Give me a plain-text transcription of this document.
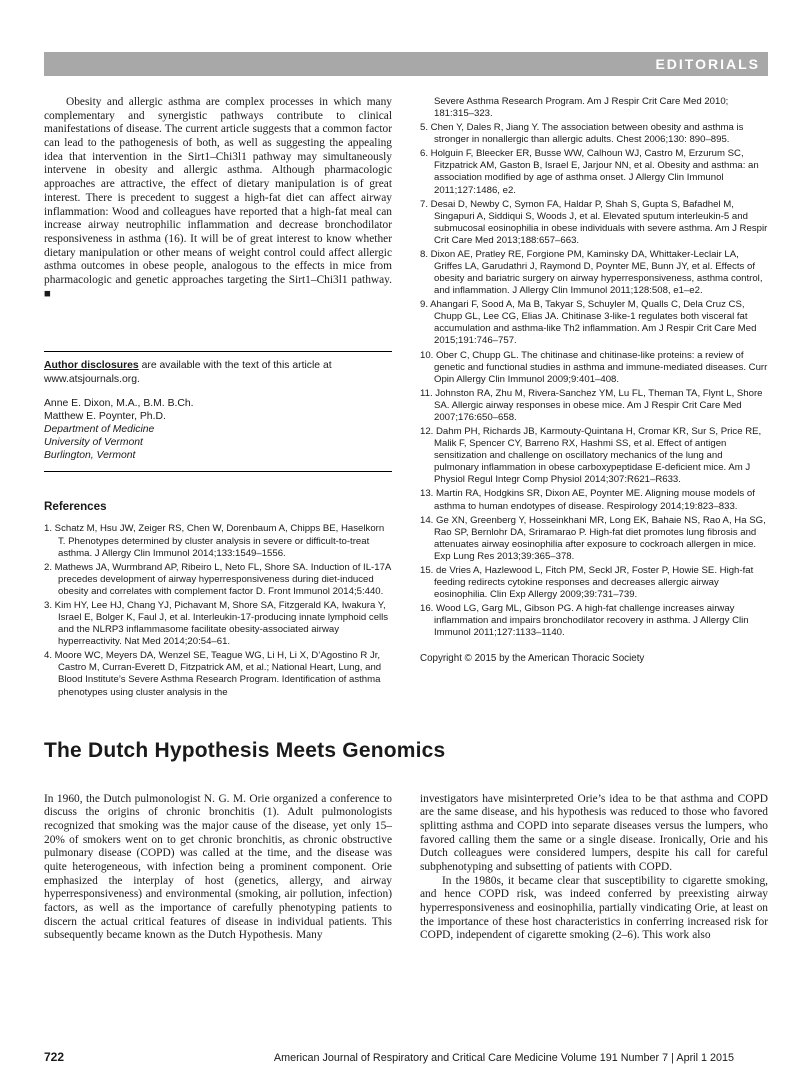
EDITORIALS

Obesity and allergic asthma are complex processes in which many complementary and synergistic pathways contribute to clinical manifestations of disease. The current article suggests that a common factor can lead to the pathogenesis of both, as well as suggesting the appealing idea that intervention in the Sirt1–Chi3l1 pathway may simultaneously intervene in obesity and allergic asthma. Although pharmacologic approaches are attractive, the effect of dietary manipulation is of great interest. There is precedent to suggest a high-fat diet can affect airway inflammation: Wood and colleagues have reported that a high-fat meal can increase airway neutrophilic inflammation and decrease bronchodilator responsiveness in asthma (16). It will be of great interest to know whether dietary manipulation or other means of weight control could affect allergic asthma outcomes in obese people, analogous to the effects in mice from pharmacologic and genetic approaches targeting the Sirt1–Chi3l1 pathway. ■

Author disclosures are available with the text of this article at www.atsjournals.org.

Anne E. Dixon, M.A., B.M. B.Ch.
Matthew E. Poynter, Ph.D.
Department of Medicine
University of Vermont
Burlington, Vermont
References
1. Schatz M, Hsu JW, Zeiger RS, Chen W, Dorenbaum A, Chipps BE, Haselkorn T. Phenotypes determined by cluster analysis in severe or difficult-to-treat asthma. J Allergy Clin Immunol 2014;133:1549–1556.
2. Mathews JA, Wurmbrand AP, Ribeiro L, Neto FL, Shore SA. Induction of IL-17A precedes development of airway hyperresponsiveness during diet-induced obesity and correlates with complement factor D. Front Immunol 2014;5:440.
3. Kim HY, Lee HJ, Chang YJ, Pichavant M, Shore SA, Fitzgerald KA, Iwakura Y, Israel E, Bolger K, Faul J, et al. Interleukin-17-producing innate lymphoid cells and the NLRP3 inflammasome facilitate obesity-associated airway hyperreactivity. Nat Med 2014;20:54–61.
4. Moore WC, Meyers DA, Wenzel SE, Teague WG, Li H, Li X, D’Agostino R Jr, Castro M, Curran-Everett D, Fitzpatrick AM, et al.; National Heart, Lung, and Blood Institute’s Severe Asthma Research Program. Identification of asthma phenotypes using cluster analysis in the
Severe Asthma Research Program. Am J Respir Crit Care Med 2010; 181:315–323.
5. Chen Y, Dales R, Jiang Y. The association between obesity and asthma is stronger in nonallergic than allergic adults. Chest 2006;130: 890–895.
6. Holguin F, Bleecker ER, Busse WW, Calhoun WJ, Castro M, Erzurum SC, Fitzpatrick AM, Gaston B, Israel E, Jarjour NN, et al. Obesity and asthma: an association modified by age of asthma onset. J Allergy Clin Immunol 2011;127:1486, e2.
7. Desai D, Newby C, Symon FA, Haldar P, Shah S, Gupta S, Bafadhel M, Singapuri A, Siddiqui S, Woods J, et al. Elevated sputum interleukin-5 and submucosal eosinophilia in obese individuals with severe asthma. Am J Respir Crit Care Med 2013;188:657–663.
8. Dixon AE, Pratley RE, Forgione PM, Kaminsky DA, Whittaker-Leclair LA, Griffes LA, Garudathri J, Raymond D, Poynter ME, Bunn JY, et al. Effects of obesity and bariatric surgery on airway hyperresponsiveness, asthma control, and inflammation. J Allergy Clin Immunol 2011;128:508, e1–e2.
9. Ahangari F, Sood A, Ma B, Takyar S, Schuyler M, Qualls C, Dela Cruz CS, Chupp GL, Lee CG, Elias JA. Chitinase 3-like-1 regulates both visceral fat accumulation and asthma-like Th2 inflammation. Am J Respir Crit Care Med 2015;191:746–757.
10. Ober C, Chupp GL. The chitinase and chitinase-like proteins: a review of genetic and functional studies in asthma and immune-mediated diseases. Curr Opin Allergy Clin Immunol 2009;9:401–408.
11. Johnston RA, Zhu M, Rivera-Sanchez YM, Lu FL, Theman TA, Flynt L, Shore SA. Allergic airway responses in obese mice. Am J Respir Crit Care Med 2007;176:650–658.
12. Dahm PH, Richards JB, Karmouty-Quintana H, Cromar KR, Sur S, Price RE, Malik F, Spencer CY, Barreno RX, Hashmi SS, et al. Effect of antigen sensitization and challenge on oscillatory mechanics of the lung and pulmonary inflammation in obese carboxypeptidase E-deficient mice. Am J Physiol Regul Integr Comp Physiol 2014;307:R621–R633.
13. Martin RA, Hodgkins SR, Dixon AE, Poynter ME. Aligning mouse models of asthma to human endotypes of disease. Respirology 2014;19:823–833.
14. Ge XN, Greenberg Y, Hosseinkhani MR, Long EK, Bahaie NS, Rao A, Ha SG, Rao SP, Bernlohr DA, Sriramarao P. High-fat diet promotes lung fibrosis and attenuates airway eosinophilia after exposure to cockroach allergen in mice. Exp Lung Res 2013;39:365–378.
15. de Vries A, Hazlewood L, Fitch PM, Seckl JR, Foster P, Howie SE. High-fat feeding redirects cytokine responses and decreases allergic airway eosinophilia. Clin Exp Allergy 2009;39:731–739.
16. Wood LG, Garg ML, Gibson PG. A high-fat challenge increases airway inflammation and impairs bronchodilator recovery in asthma. J Allergy Clin Immunol 2011;127:1133–1140.

Copyright © 2015 by the American Thoracic Society

The Dutch Hypothesis Meets Genomics

In 1960, the Dutch pulmonologist N. G. M. Orie organized a conference to discuss the origins of chronic bronchitis (1). Adult pulmonologists recognized that smoking was the major cause of the disease, yet only 15–20% of smokers went on to get chronic bronchitis, as chronic obstructive pulmonary disease (COPD) was called at the time, and the disease was quite heterogeneous, with infection being a prominent component. Orie emphasized the interplay of host (genetics, allergy, and airway hyperresponsiveness) and environmental (smoking, air pollution, infection) factors, as well as the importance of carefully phenotyping patients to discern the actual critical features of disease in individual patients. This subsequently became known as the Dutch Hypothesis. Many

investigators have misinterpreted Orie’s idea to be that asthma and COPD are the same disease, and his hypothesis was reduced to those who favored splitting asthma and COPD into separate diseases versus the lumpers, who favored calling them the same or a single disease. Ironically, Orie and his Dutch colleagues were considered lumpers, despite his call for careful subphenotyping and subsetting of patients with COPD.

In the 1980s, it became clear that susceptibility to cigarette smoking, and hence COPD risk, was indeed conferred by preexisting airway hyperresponsiveness and eosinophilia, partially vindicating Orie, at least on the importance of these host characteristics in conferring increased risk for COPD, independent of cigarette smoking (2–6). This work also

722	American Journal of Respiratory and Critical Care Medicine Volume 191 Number 7 | April 1 2015
